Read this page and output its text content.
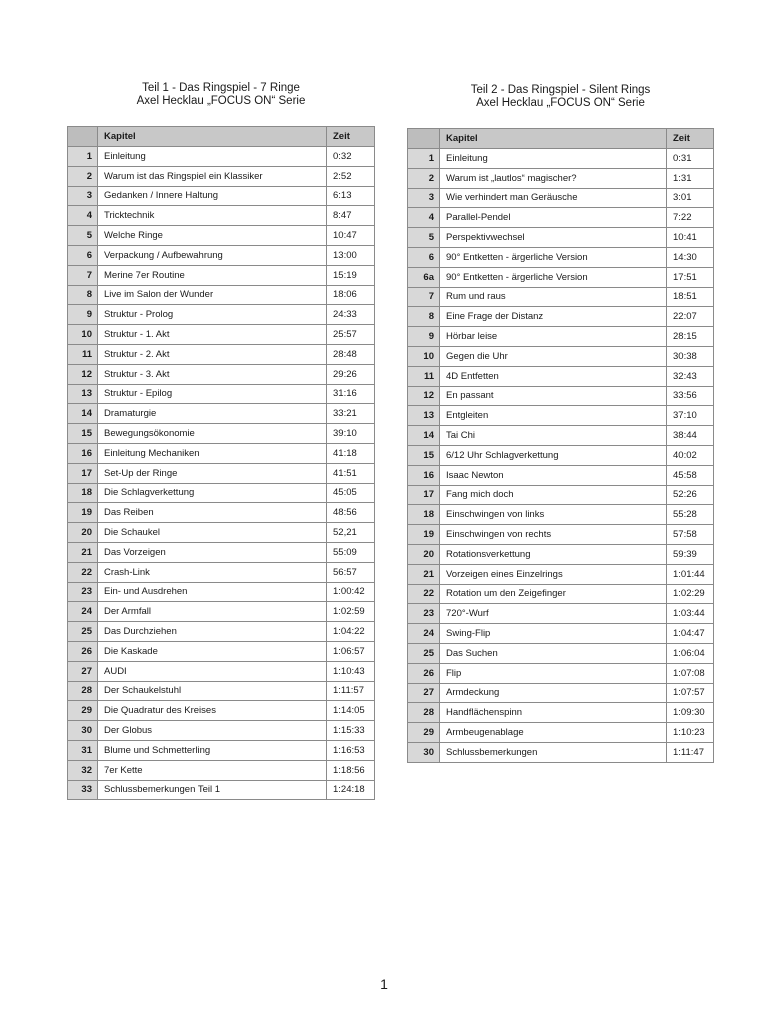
Teil 1 - Das Ringspiel - 7 Ringe
Axel Hecklau „FOCUS ON“ Serie
	Kapitel	Zeit
1	Einleitung	0:32
2	Warum ist das Ringspiel ein Klassiker	2:52
3	Gedanken / Innere Haltung	6:13
4	Tricktechnik	8:47
5	Welche Ringe	10:47
6	Verpackung / Aufbewahrung	13:00
7	Merine 7er Routine	15:19
8	Live im Salon der Wunder	18:06
9	Struktur - Prolog	24:33
10	Struktur - 1. Akt	25:57
11	Struktur - 2. Akt	28:48
12	Struktur - 3. Akt	29:26
13	Struktur - Epilog	31:16
14	Dramaturgie	33:21
15	Bewegungsökonomie	39:10
16	Einleitung Mechaniken	41:18
17	Set-Up der Ringe	41:51
18	Die Schlagverkettung	45:05
19	Das Reiben	48:56
20	Die Schaukel	52,21
21	Das Vorzeigen	55:09
22	Crash-Link	56:57
23	Ein- und Ausdrehen	1:00:42
24	Der Armfall	1:02:59
25	Das Durchziehen	1:04:22
26	Die Kaskade	1:06:57
27	AUDI	1:10:43
28	Der Schaukelstuhl	1:11:57
29	Die Quadratur des Kreises	1:14:05
30	Der Globus	1:15:33
31	Blume und Schmetterling	1:16:53
32	7er Kette	1:18:56
33	Schlussbemerkungen Teil 1	1:24:18
Teil 2 - Das Ringspiel - Silent Rings
Axel Hecklau „FOCUS ON“ Serie
	Kapitel	Zeit
1	Einleitung	0:31
2	Warum ist „lautlos“ magischer?	1:31
3	Wie verhindert man Geräusche	3:01
4	Parallel-Pendel	7:22
5	Perspektivwechsel	10:41
6	90° Entketten - ärgerliche Version	14:30
6a	90° Entketten - ärgerliche Version	17:51
7	Rum und raus	18:51
8	Eine Frage der Distanz	22:07
9	Hörbar leise	28:15
10	Gegen die Uhr	30:38
11	4D Entfetten	32:43
12	En passant	33:56
13	Entgleiten	37:10
14	Tai Chi	38:44
15	6/12 Uhr Schlagverkettung	40:02
16	Isaac Newton	45:58
17	Fang mich doch	52:26
18	Einschwingen von links	55:28
19	Einschwingen von rechts	57:58
20	Rotationsverkettung	59:39
21	Vorzeigen eines Einzelrings	1:01:44
22	Rotation um den Zeigefinger	1:02:29
23	720°-Wurf	1:03:44
24	Swing-Flip	1:04:47
25	Das Suchen	1:06:04
26	Flip	1:07:08
27	Armdeckung	1:07:57
28	Handflächenspinn	1:09:30
29	Armbeugenablage	1:10:23
30	Schlussbemerkungen	1:11:47
1
